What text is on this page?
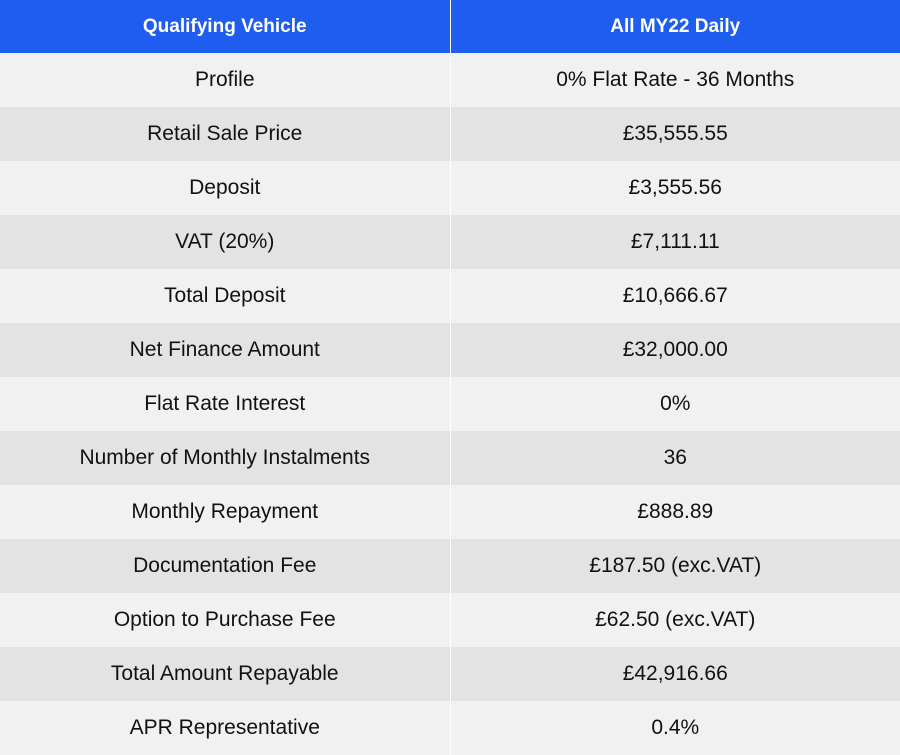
Qualifying Vehicle	All MY22 Daily
Profile	0% Flat Rate - 36 Months
Retail Sale Price	£35,555.55
Deposit	£3,555.56
VAT (20%)	£7,111.11
Total Deposit	£10,666.67
Net Finance Amount	£32,000.00
Flat Rate Interest	0%
Number of Monthly Instalments	36
Monthly Repayment	£888.89
Documentation Fee	£187.50 (exc.VAT)
Option to Purchase Fee	£62.50 (exc.VAT)
Total Amount Repayable	£42,916.66
APR Representative	0.4%
